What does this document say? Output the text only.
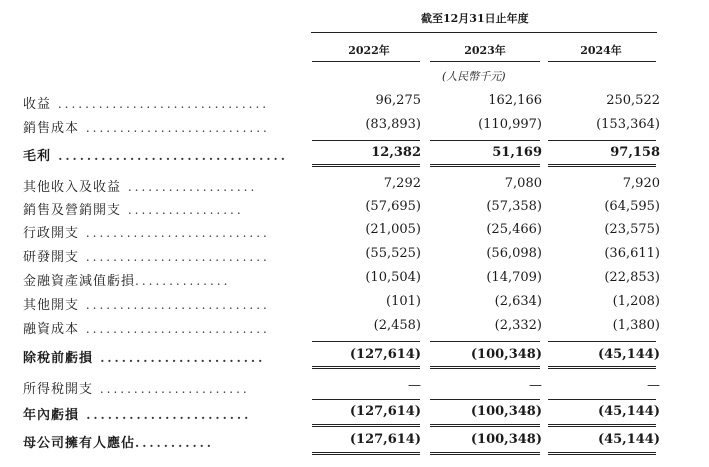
截至12月31日止年度
2022年	2023年	2024年
(人民幣千元)
收益 ...............................	96,275	162,166	250,522
銷售成本 ...........................	(83,893)	(110,997)	(153,364)
毛利 ................................	12,382	51,169	97,158
其他收入及收益 ...................	7,292	7,080	7,920
銷售及營銷開支 .................	(57,695)	(57,358)	(64,595)
行政開支 ...........................	(21,005)	(25,466)	(23,575)
研發開支 ...........................	(55,525)	(56,098)	(36,611)
金融資產減值虧損..............	(10,504)	(14,709)	(22,853)
其他開支 ...........................	(101)	(2,634)	(1,208)
融資成本 ...........................	(2,458)	(2,332)	(1,380)
除稅前虧損 .......................	(127,614)	(100,348)	(45,144)
所得稅開支 ......................	—	—	—
年內虧損 .......................	(127,614)	(100,348)	(45,144)
母公司擁有人應佔...........	(127,614)	(100,348)	(45,144)
